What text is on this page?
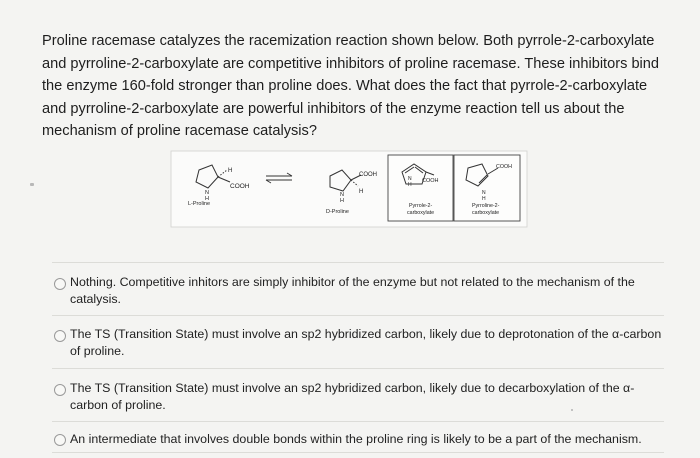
Proline racemase catalyzes the racemization reaction shown below. Both pyrrole-2-carboxylate and pyrroline-2-carboxylate are competitive inhibitors of proline racemase. These inhibitors bind the enzyme 160-fold stronger than proline does. What does the fact that pyrrole-2-carboxylate and pyrroline-2-carboxylate are powerful inhibitors of the enzyme reaction tell us about the mechanism of proline racemase catalysis?
H
COOH
N
H
L-Proline
COOH
H
N
H
D-Proline
COOH
N
H
Pyrrole-2-
carboxylate
COOH
N
H
Pyrroline-2-
carboxylate
Nothing. Competitive inhitors are simply inhibitor of the enzyme but not related to the mechanism of the catalysis.
The TS (Transition State) must involve an sp2 hybridized carbon, likely due to deprotonation of the α-carbon of proline.
The TS (Transition State) must involve an sp2 hybridized carbon, likely due to decarboxylation of the α-carbon of proline.
An intermediate that involves double bonds within the proline ring is likely to be a part of the mechanism.
